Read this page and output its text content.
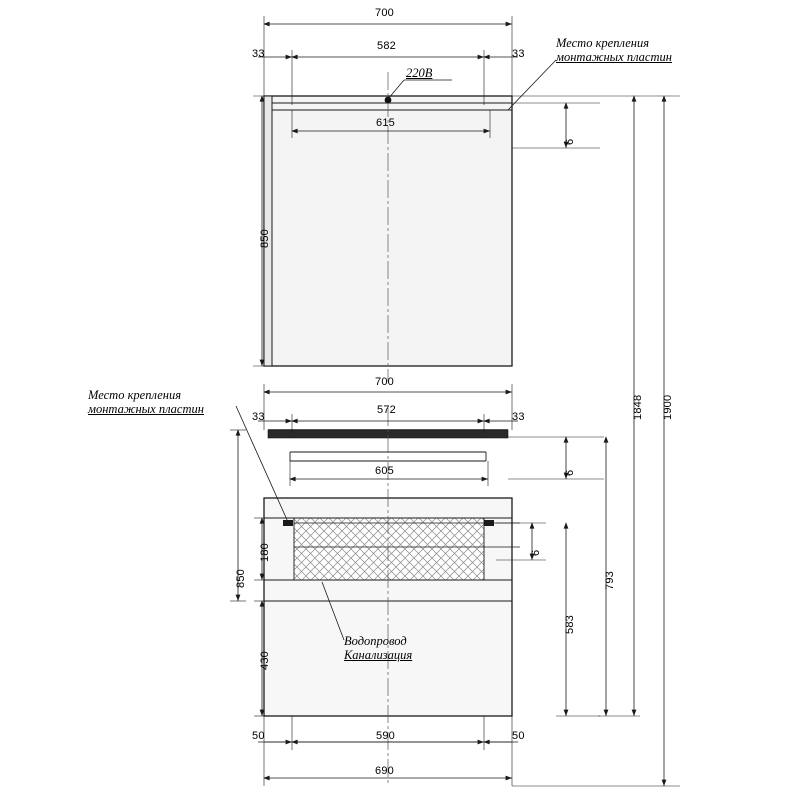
700
582
33	33
615
6
850
220В
Место крепления
монтажных пластин
700
572
33	33
605	6
6
850
180
430
793
583
590
50	50
690
Место крепления
монтажных пластин
Водопровод
Канализация
1848 1900
